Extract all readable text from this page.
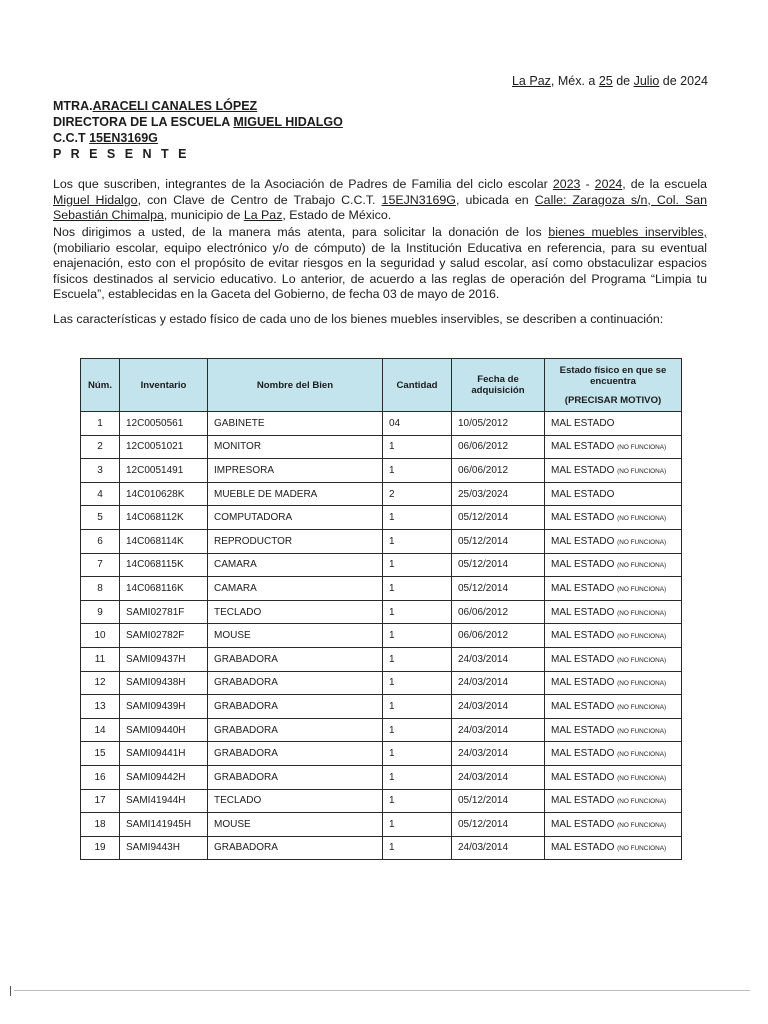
La Paz, Méx. a 25 de Julio de 2024
MTRA.ARACELI CANALES LÓPEZ
DIRECTORA DE LA ESCUELA MIGUEL HIDALGO
C.C.T 15EN3169G
P R E S E N T E
Los que suscriben, integrantes de la Asociación de Padres de Familia del ciclo escolar 2023 - 2024, de la escuela Miguel Hidalgo, con Clave de Centro de Trabajo C.C.T. 15EJN3169G, ubicada en Calle: Zaragoza s/n, Col. San Sebastián Chimalpa, municipio de La Paz, Estado de México.
Nos dirigimos a usted, de la manera más atenta, para solicitar la donación de los bienes muebles inservibles, (mobiliario escolar, equipo electrónico y/o de cómputo) de la Institución Educativa en referencia, para su eventual enajenación, esto con el propósito de evitar riesgos en la seguridad y salud escolar, así como obstaculizar espacios físicos destinados al servicio educativo. Lo anterior, de acuerdo a las reglas de operación del Programa “Limpia tu Escuela”, establecidas en la Gaceta del Gobierno, de fecha 03 de mayo de 2016.
Las características y estado físico de cada uno de los bienes muebles inservibles, se describen a continuación:
Núm.	Inventario	Nombre del Bien	Cantidad	Fecha de adquisición	Estado físico en que se encuentra
(PRECISAR MOTIVO)

1	12C0050561	GABINETE	04	10/05/2012	MAL ESTADO
2	12C0051021	MONITOR	1	06/06/2012	MAL ESTADO (NO FUNCIONA)
3	12C0051491	IMPRESORA	1	06/06/2012	MAL ESTADO (NO FUNCIONA)
4	14C010628K	MUEBLE DE MADERA	2	25/03/2024	MAL ESTADO
5	14C068112K	COMPUTADORA	1	05/12/2014	MAL ESTADO (NO FUNCIONA)
6	14C068114K	REPRODUCTOR	1	05/12/2014	MAL ESTADO (NO FUNCIONA)
7	14C068115K	CAMARA	1	05/12/2014	MAL ESTADO (NO FUNCIONA)
8	14C068116K	CAMARA	1	05/12/2014	MAL ESTADO (NO FUNCIONA)
9	SAMI02781F	TECLADO	1	06/06/2012	MAL ESTADO (NO FUNCIONA)
10	SAMI02782F	MOUSE	1	06/06/2012	MAL ESTADO (NO FUNCIONA)
11	SAMI09437H	GRABADORA	1	24/03/2014	MAL ESTADO (NO FUNCIONA)
12	SAMI09438H	GRABADORA	1	24/03/2014	MAL ESTADO (NO FUNCIONA)
13	SAMI09439H	GRABADORA	1	24/03/2014	MAL ESTADO (NO FUNCIONA)
14	SAMI09440H	GRABADORA	1	24/03/2014	MAL ESTADO (NO FUNCIONA)
15	SAMI09441H	GRABADORA	1	24/03/2014	MAL ESTADO (NO FUNCIONA)
16	SAMI09442H	GRABADORA	1	24/03/2014	MAL ESTADO (NO FUNCIONA)
17	SAMI41944H	TECLADO	1	05/12/2014	MAL ESTADO (NO FUNCIONA)
18	SAMI141945H	MOUSE	1	05/12/2014	MAL ESTADO (NO FUNCIONA)
19	SAMI9443H	GRABADORA	1	24/03/2014	MAL ESTADO (NO FUNCIONA)
